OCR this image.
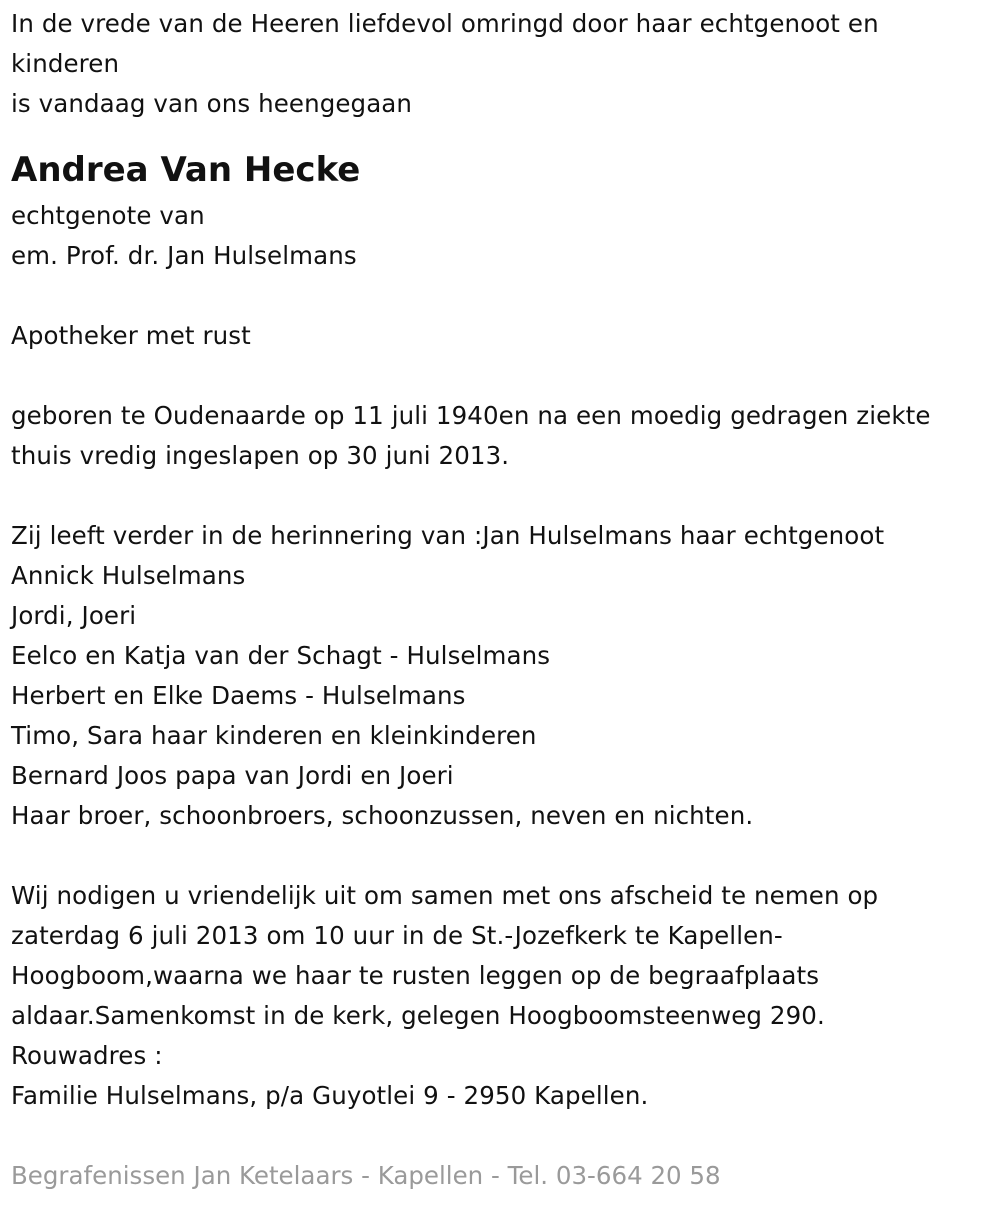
In de vrede van de Heeren liefdevol omringd door haar echtgenoot en
kinderen
is vandaag van ons heengegaan
Andrea Van Hecke
echtgenote van
em. Prof. dr. Jan Hulselmans
Apotheker met rust
geboren te Oudenaarde op 11 juli 1940en na een moedig gedragen ziekte
thuis vredig ingeslapen op 30 juni 2013.
Zij leeft verder in de herinnering van :Jan Hulselmans haar echtgenoot
Annick Hulselmans
Jordi, Joeri
Eelco en Katja van der Schagt - Hulselmans
Herbert en Elke Daems - Hulselmans
Timo, Sara haar kinderen en kleinkinderen
Bernard Joos papa van Jordi en Joeri
Haar broer, schoonbroers, schoonzussen, neven en nichten.
Wij nodigen u vriendelijk uit om samen met ons afscheid te nemen op
zaterdag 6 juli 2013 om 10 uur in de St.-Jozefkerk te Kapellen-
Hoogboom,waarna we haar te rusten leggen op de begraafplaats
aldaar.Samenkomst in de kerk, gelegen Hoogboomsteenweg 290.
Rouwadres :
Familie Hulselmans, p/a Guyotlei 9 - 2950 Kapellen.
Begrafenissen Jan Ketelaars - Kapellen - Tel. 03-664 20 58
